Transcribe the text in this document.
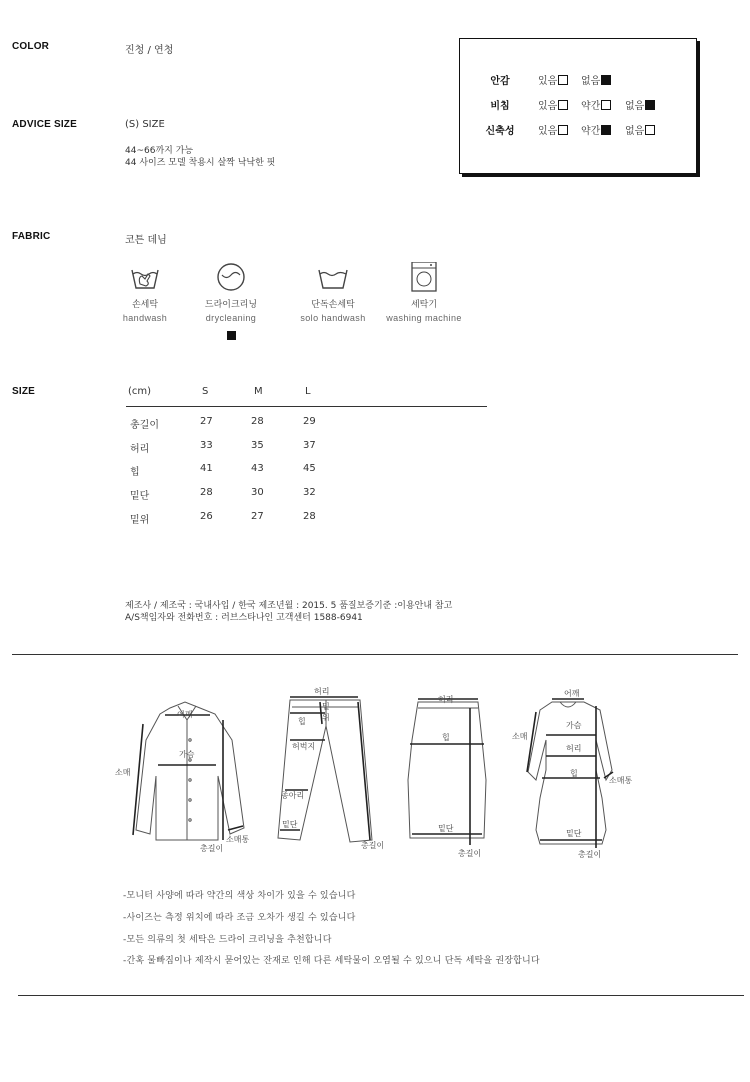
COLOR	진청 / 연청
ADVICE SIZE	(S) SIZE
44~66까지 가능
44 사이즈 모델 착용시 살짝 낙낙한 핏
FABRIC	코튼 데님
안감	있음	없음
비침	있음	약간	없음
신축성	있음	약간	없음
손세탁
handwash
드라이크리닝
drycleaning
단독손세탁
solo handwash
세탁기
washing machine
SIZE	(cm)	S	M	L
총길이	27	28	29
허리	33	35	37
힙	41	43	45
밑단	28	30	32
밑위	26	27	28
제조사 / 제조국 : 국내사입 / 한국 제조년월 : 2015. 5 품질보증기준 :이용안내 참고
A/S책임자와 전화번호 : 러브스타나인 고객센터 1588-6941
어깨
가슴
소매
소매통
총길이
허리
밑
위
힙
허벅지
종아리
밑단
총길이
허리
힙
밑단
총길이
어깨
가슴
허리
힙
소매
소매통
밑단
총길이
-모니터 사양에 따라 약간의 색상 차이가 있을 수 있습니다
-사이즈는 측정 위치에 따라 조금 오차가 생길 수 있습니다
-모든 의류의 첫 세탁은 드라이 크리닝을 추천합니다
-간혹 물빠짐이나 제작시 묻어있는 잔재로 인해 다른 세탁물이 오염될 수 있으니 단독 세탁을 권장합니다
